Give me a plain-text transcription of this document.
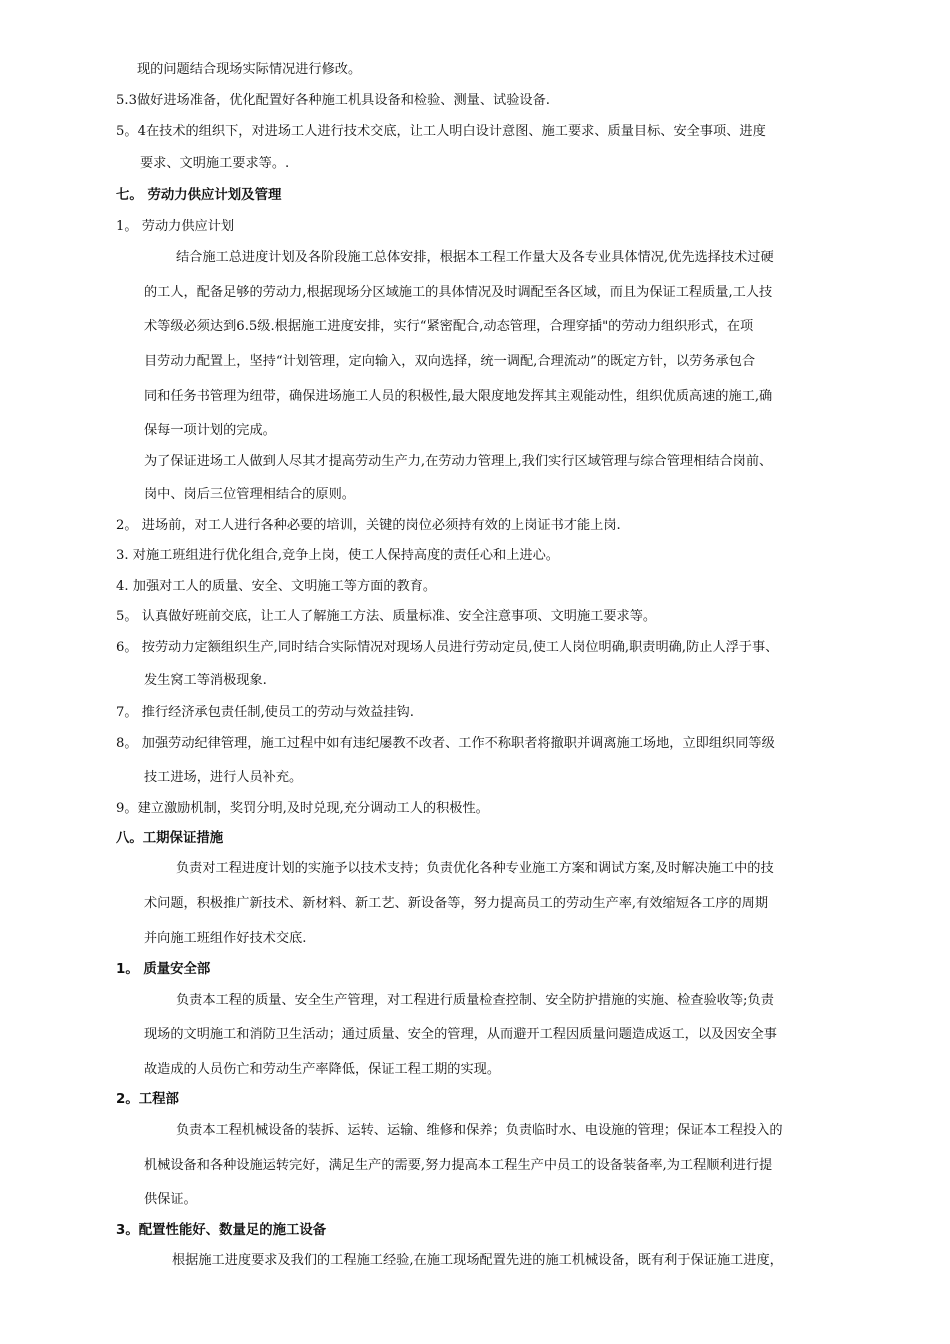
现的问题结合现场实际情况进行修改。
5.3做好进场准备，优化配置好各种施工机具设备和检验、测量、试验设备.
5。4在技术的组织下，对进场工人进行技术交底，让工人明白设计意图、施工要求、质量目标、安全事项、进度
要求、文明施工要求等。.
七。 劳动力供应计划及管理
1。 劳动力供应计划
结合施工总进度计划及各阶段施工总体安排，根据本工程工作量大及各专业具体情况,优先选择技术过硬
的工人，配备足够的劳动力,根据现场分区域施工的具体情况及时调配至各区域，而且为保证工程质量,工人技
术等级必须达到6.5级.根据施工进度安排，实行“紧密配合,动态管理，合理穿插"的劳动力组织形式，在项
目劳动力配置上，坚持“计划管理，定向输入，双向选择，统一调配,合理流动”的既定方针，以劳务承包合
同和任务书管理为纽带，确保进场施工人员的积极性,最大限度地发挥其主观能动性，组织优质高速的施工,确
保每一项计划的完成。
为了保证进场工人做到人尽其才提高劳动生产力,在劳动力管理上,我们实行区域管理与综合管理相结合岗前、
岗中、岗后三位管理相结合的原则。
2。 进场前，对工人进行各种必要的培训，关键的岗位必须持有效的上岗证书才能上岗.
3. 对施工班组进行优化组合,竞争上岗，使工人保持高度的责任心和上进心。
4. 加强对工人的质量、安全、文明施工等方面的教育。
5。 认真做好班前交底，让工人了解施工方法、质量标准、安全注意事项、文明施工要求等。
6。 按劳动力定额组织生产,同时结合实际情况对现场人员进行劳动定员,使工人岗位明确,职责明确,防止人浮于事、
发生窝工等消极现象.
7。 推行经济承包责任制,使员工的劳动与效益挂钩.
8。 加强劳动纪律管理，施工过程中如有违纪屡教不改者、工作不称职者将撤职并调离施工场地，立即组织同等级
技工进场，进行人员补充。
9。建立激励机制，奖罚分明,及时兑现,充分调动工人的积极性。
八。工期保证措施
负责对工程进度计划的实施予以技术支持；负责优化各种专业施工方案和调试方案,及时解决施工中的技
术问题，积极推广新技术、新材料、新工艺、新设备等，努力提高员工的劳动生产率,有效缩短各工序的周期
并向施工班组作好技术交底.
1。 质量安全部
负责本工程的质量、安全生产管理，对工程进行质量检查控制、安全防护措施的实施、检查验收等;负责
现场的文明施工和消防卫生活动；通过质量、安全的管理，从而避开工程因质量问题造成返工，以及因安全事
故造成的人员伤亡和劳动生产率降低，保证工程工期的实现。
2。工程部
负责本工程机械设备的装拆、运转、运输、维修和保养；负责临时水、电设施的管理；保证本工程投入的
机械设备和各种设施运转完好，满足生产的需要,努力提高本工程生产中员工的设备装备率,为工程顺利进行提
供保证。
3。配置性能好、数量足的施工设备
根据施工进度要求及我们的工程施工经验,在施工现场配置先进的施工机械设备，既有利于保证施工进度，
